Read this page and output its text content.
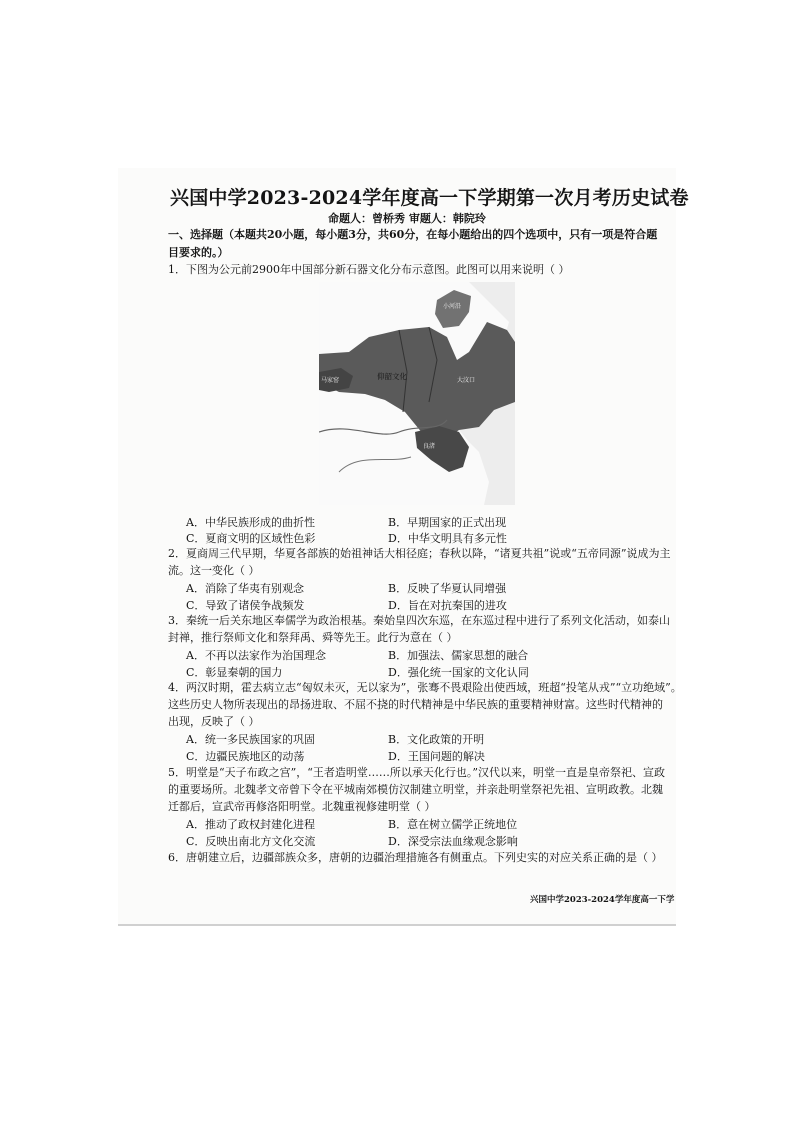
兴国中学2023-2024学年度高一下学期第一次月考历史试卷
命题人：曾桥秀 审题人：韩院玲
一、选择题（本题共20小题，每小题3分，共60分，在每小题给出的四个选项中，只有一项是符合题
目要求的。）
1．下图为公元前2900年中国部分新石器文化分布示意图。此图可以用来说明（ ）
仰韶文化	大汶口
马家窑
良渚
小河沿
A．中华民族形成的曲折性	B．早期国家的正式出现
C．夏商文明的区域性色彩	D．中华文明具有多元性
2．夏商周三代早期，华夏各部族的始祖神话大相径庭；春秋以降，“诸夏共祖”说或“五帝同源”说成为主
流。这一变化（ ）
A．消除了华夷有别观念	B．反映了华夏认同增强
C．导致了诸侯争战频发	D．旨在对抗秦国的进攻
3．秦统一后关东地区奉儒学为政治根基。秦始皇四次东巡，在东巡过程中进行了系列文化活动，如泰山
封禅，推行祭师文化和祭拜禹、舜等先王。此行为意在（ ）
A．不再以法家作为治国理念	B．加强法、儒家思想的融合
C．彰显秦朝的国力	D．强化统一国家的文化认同
4．两汉时期，霍去病立志“匈奴未灭，无以家为”，张骞不畏艰险出使西域，班超“投笔从戎”“立功绝域”。
这些历史人物所表现出的昂扬进取、不屈不挠的时代精神是中华民族的重要精神财富。这些时代精神的
出现，反映了（ ）
A．统一多民族国家的巩固	B．文化政策的开明
C．边疆民族地区的动荡	D．王国问题的解决
5．明堂是“天子布政之宫”，“王者造明堂……所以承天化行也。”汉代以来，明堂一直是皇帝祭祀、宣政
的重要场所。北魏孝文帝曾下令在平城南郊模仿汉制建立明堂，并亲赴明堂祭祀先祖、宣明政教。北魏
迁都后，宣武帝再修洛阳明堂。北魏重视修建明堂（ ）
A．推动了政权封建化进程	B．意在树立儒学正统地位
C．反映出南北方文化交流	D．深受宗法血缘观念影响
6．唐朝建立后，边疆部族众多，唐朝的边疆治理措施各有侧重点。下列史实的对应关系正确的是（ ）
兴国中学2023-2024学年度高一下学
